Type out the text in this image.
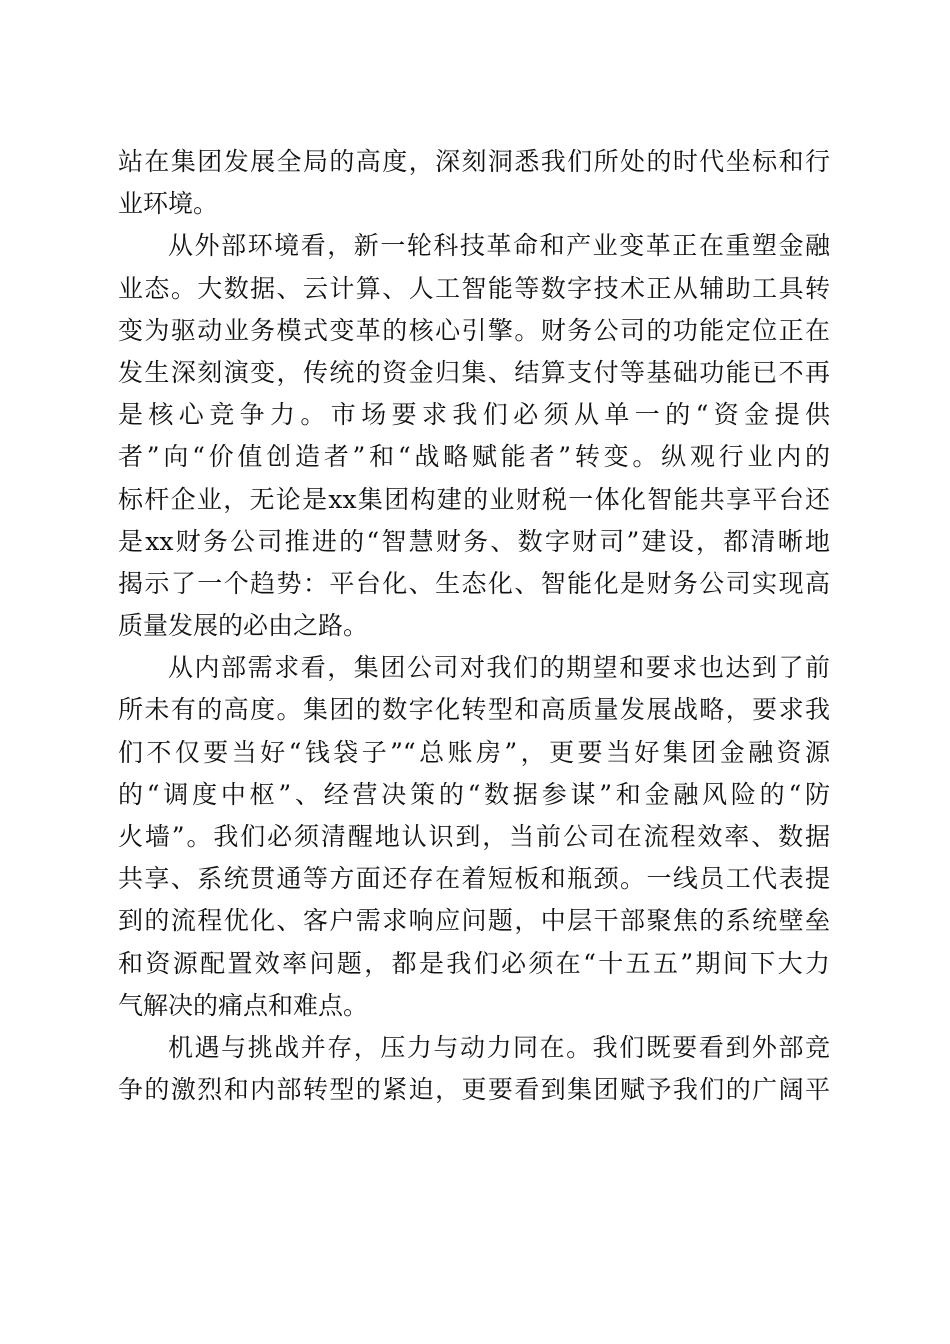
站在集团发展全局的高度，深刻洞悉我们所处的时代坐标和行
业环境。
从外部环境看，新一轮科技革命和产业变革正在重塑金融
业态。大数据、云计算、人工智能等数字技术正从辅助工具转
变为驱动业务模式变革的核心引擎。财务公司的功能定位正在
发生深刻演变，传统的资金归集、结算支付等基础功能已不再
是核心竞争力。市场要求我们必须从单一的“资金提供
者”向“价值创造者”和“战略赋能者”转变。纵观行业内的
标杆企业，无论是xx集团构建的业财税一体化智能共享平台还
是xx财务公司推进的“智慧财务、数字财司”建设，都清晰地
揭示了一个趋势：平台化、生态化、智能化是财务公司实现高
质量发展的必由之路。
从内部需求看，集团公司对我们的期望和要求也达到了前
所未有的高度。集团的数字化转型和高质量发展战略，要求我
们不仅要当好“钱袋子”“总账房”，更要当好集团金融资源
的“调度中枢”、经营决策的“数据参谋”和金融风险的“防
火墙”。我们必须清醒地认识到，当前公司在流程效率、数据
共享、系统贯通等方面还存在着短板和瓶颈。一线员工代表提
到的流程优化、客户需求响应问题，中层干部聚焦的系统壁垒
和资源配置效率问题，都是我们必须在“十五五”期间下大力
气解决的痛点和难点。
机遇与挑战并存，压力与动力同在。我们既要看到外部竞
争的激烈和内部转型的紧迫，更要看到集团赋予我们的广阔平
